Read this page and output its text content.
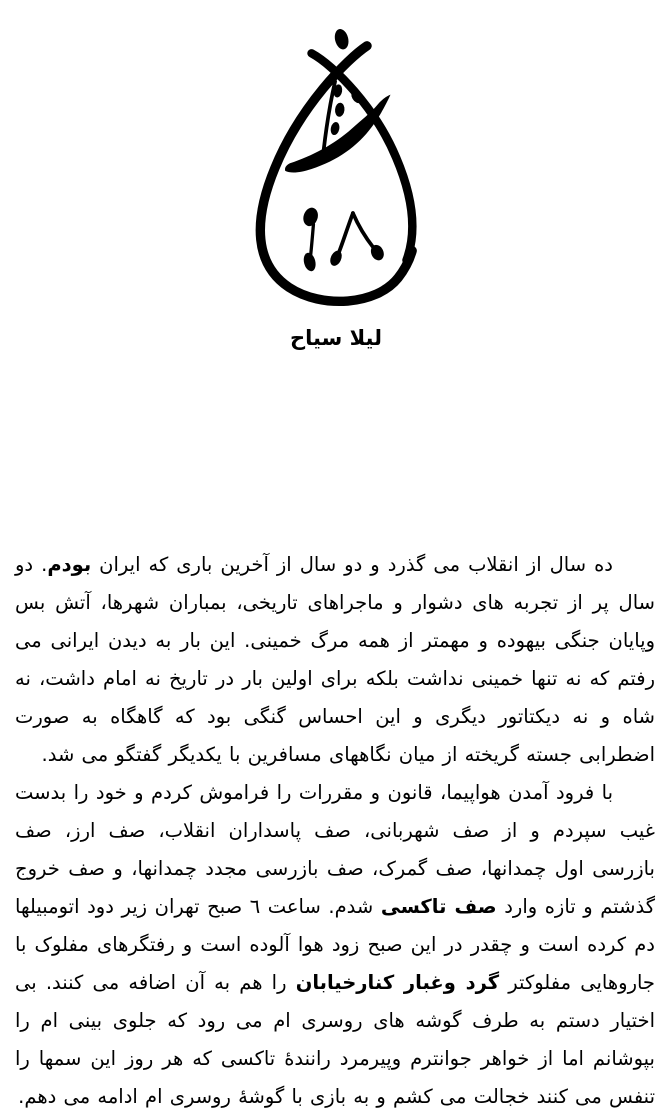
لیلا سیاح

ده سال از انقلاب می گذرد و دو سال از آخرین باری که ایران بودم. دو سال پر از تجربه های دشوار و ماجراهای تاریخی، بمباران شهرها، آتش بس وپایان جنگی بیهوده و مهمتر از همه مرگ خمینی. این بار به دیدن ایرانی می رفتم که نه تنها خمینی نداشت بلکه برای اولین بار در تاریخ نه امام داشت، نه شاه و نه دیکتاتور دیگری و این احساس گنگی بود که گاهگاه به صورت اضطرابی جسته گریخته از میان نگاههای مسافرین با یکدیگر گفتگو می شد.

با فرود آمدن هواپیما، قانون و مقررات را فراموش کردم و خود را بدست غیب سپردم و از صف شهربانی، صف پاسداران انقلاب، صف ارز، صف بازرسی اول چمدانها، صف گمرک، صف بازرسی مجدد چمدانها، و صف خروج گذشتم و تازه وارد صف تاکسی شدم. ساعت ٦ صبح تهران زیر دود اتومبیلها دم کرده است و چقدر در این صبح زود هوا آلوده است و رفتگرهای مفلوک با جاروهایی مفلوکتر گرد وغبار کنارخیابان را هم به آن اضافه می کنند. بی اختیار دستم به طرف گوشه های روسری ام می رود که جلوی بینی ام را بپوشانم اما از خواهر جوانترم وپیرمرد رانندهٔ تاکسی که هر روز این سمها را تنفس می کنند خجالت می کشم و به بازی با گوشهٔ روسری ام ادامه می دهم.
